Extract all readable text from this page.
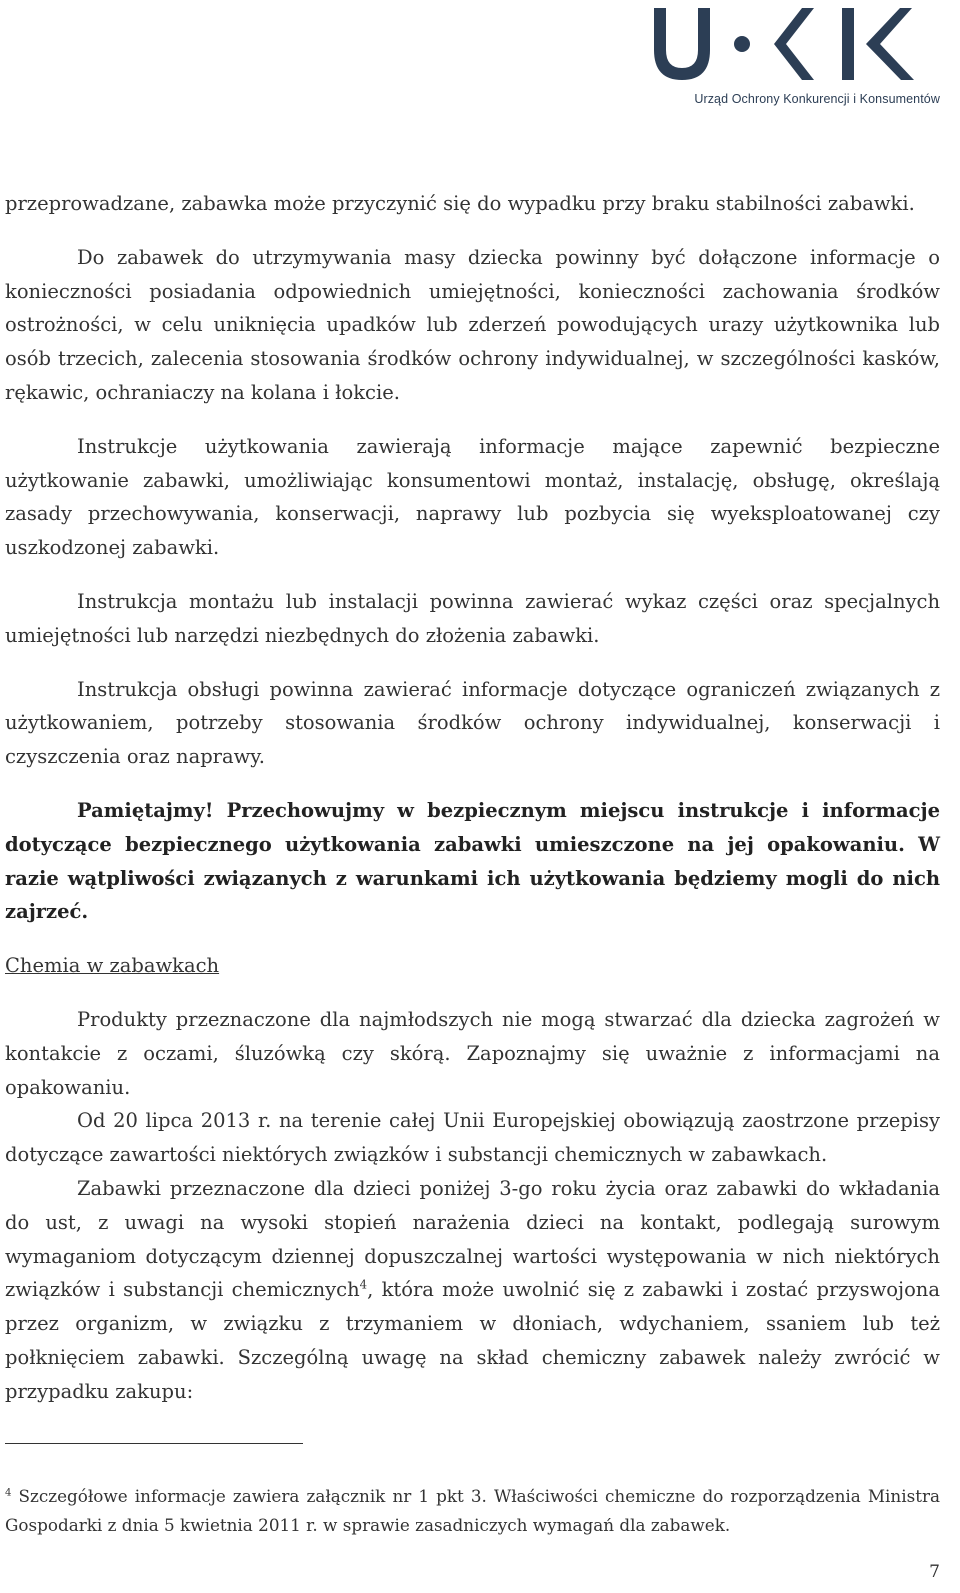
Urząd Ochrony Konkurencji i Konsumentów

przeprowadzane, zabawka może przyczynić się do wypadku przy braku stabilności zabawki.

Do zabawek do utrzymywania masy dziecka powinny być dołączone informacje o konieczności posiadania odpowiednich umiejętności, konieczności zachowania środków ostrożności, w celu uniknięcia upadków lub zderzeń powodujących urazy użytkownika lub osób trzecich, zalecenia stosowania środków ochrony indywidualnej, w szczególności kasków, rękawic, ochraniaczy na kolana i łokcie.

Instrukcje użytkowania zawierają informacje mające zapewnić bezpieczne użytkowanie zabawki, umożliwiając konsumentowi montaż, instalację, obsługę, określają zasady przechowywania, konserwacji, naprawy lub pozbycia się wyeksploatowanej czy uszkodzonej zabawki.

Instrukcja montażu lub instalacji powinna zawierać wykaz części oraz specjalnych umiejętności lub narzędzi niezbędnych do złożenia zabawki.

Instrukcja obsługi powinna zawierać informacje dotyczące ograniczeń związanych z użytkowaniem, potrzeby stosowania środków ochrony indywidualnej, konserwacji i czyszczenia oraz naprawy.

Pamiętajmy! Przechowujmy w bezpiecznym miejscu instrukcje i informacje dotyczące bezpiecznego użytkowania zabawki umieszczone na jej opakowaniu. W razie wątpliwości związanych z warunkami ich użytkowania będziemy mogli do nich zajrzeć.

Chemia w zabawkach

Produkty przeznaczone dla najmłodszych nie mogą stwarzać dla dziecka zagrożeń w kontakcie z oczami, śluzówką czy skórą. Zapoznajmy się uważnie z informacjami na opakowaniu.

Od 20 lipca 2013 r. na terenie całej Unii Europejskiej obowiązują zaostrzone przepisy dotyczące zawartości niektórych związków i substancji chemicznych w zabawkach.

Zabawki przeznaczone dla dzieci poniżej 3-go roku życia oraz zabawki do wkładania do ust, z uwagi na wysoki stopień narażenia dzieci na kontakt, podlegają surowym wymaganiom dotyczącym dziennej dopuszczalnej wartości występowania w nich niektórych związków i substancji chemicznych$^4$, która może uwolnić się z zabawki i zostać przyswojona przez organizm, w związku z trzymaniem w dłoniach, wdychaniem, ssaniem lub też połknięciem zabawki. Szczególną uwagę na skład chemiczny zabawek należy zwrócić w przypadku zakupu:

$^4$ Szczegółowe informacje zawiera załącznik nr 1 pkt 3. Właściwości chemiczne do rozporządzenia Ministra Gospodarki z dnia 5 kwietnia 2011 r. w sprawie zasadniczych wymagań dla zabawek.
7
